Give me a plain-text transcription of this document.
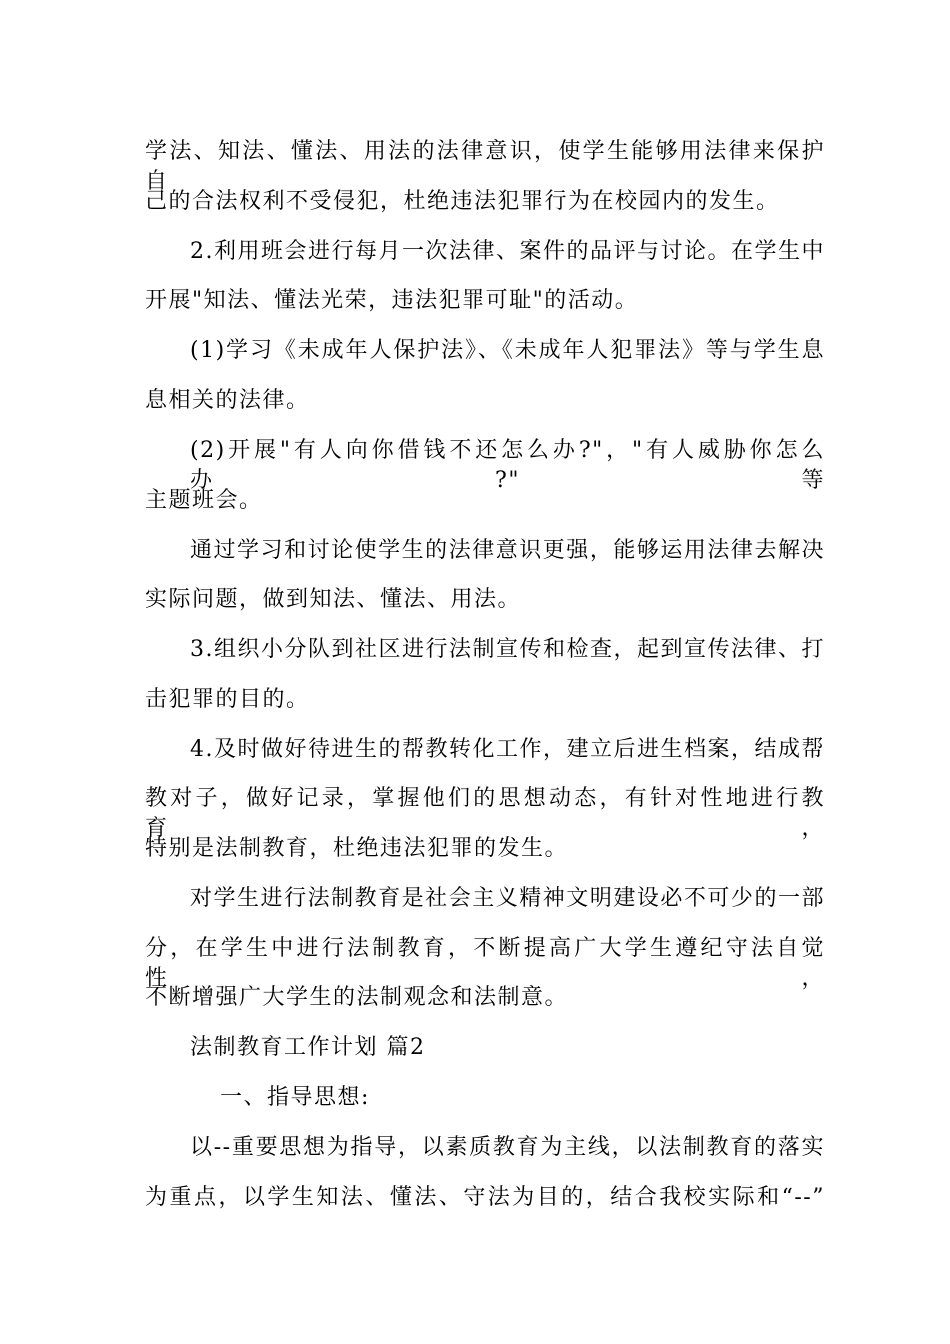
学法、知法、懂法、用法的法律意识，使学生能够用法律来保护自
己的合法权利不受侵犯，杜绝违法犯罪行为在校园内的发生。
2.利用班会进行每月一次法律、案件的品评与讨论。在学生中
开展"知法、懂法光荣，违法犯罪可耻"的活动。
(1)学习《未成年人保护法》、《未成年人犯罪法》等与学生息
息相关的法律。
(2)开展"有人向你借钱不还怎么办?"，"有人威胁你怎么办?"等
主题班会。
通过学习和讨论使学生的法律意识更强，能够运用法律去解决
实际问题，做到知法、懂法、用法。
3.组织小分队到社区进行法制宣传和检查，起到宣传法律、打
击犯罪的目的。
4.及时做好待进生的帮教转化工作，建立后进生档案，结成帮
教对子，做好记录，掌握他们的思想动态，有针对性地进行教育，
特别是法制教育，杜绝违法犯罪的发生。
对学生进行法制教育是社会主义精神文明建设必不可少的一部
分，在学生中进行法制教育，不断提高广大学生遵纪守法自觉性，
不断增强广大学生的法制观念和法制意。
法制教育工作计划 篇2
一、指导思想:
以--重要思想为指导，以素质教育为主线，以法制教育的落实
为重点，以学生知法、懂法、守法为目的，结合我校实际和“--”
